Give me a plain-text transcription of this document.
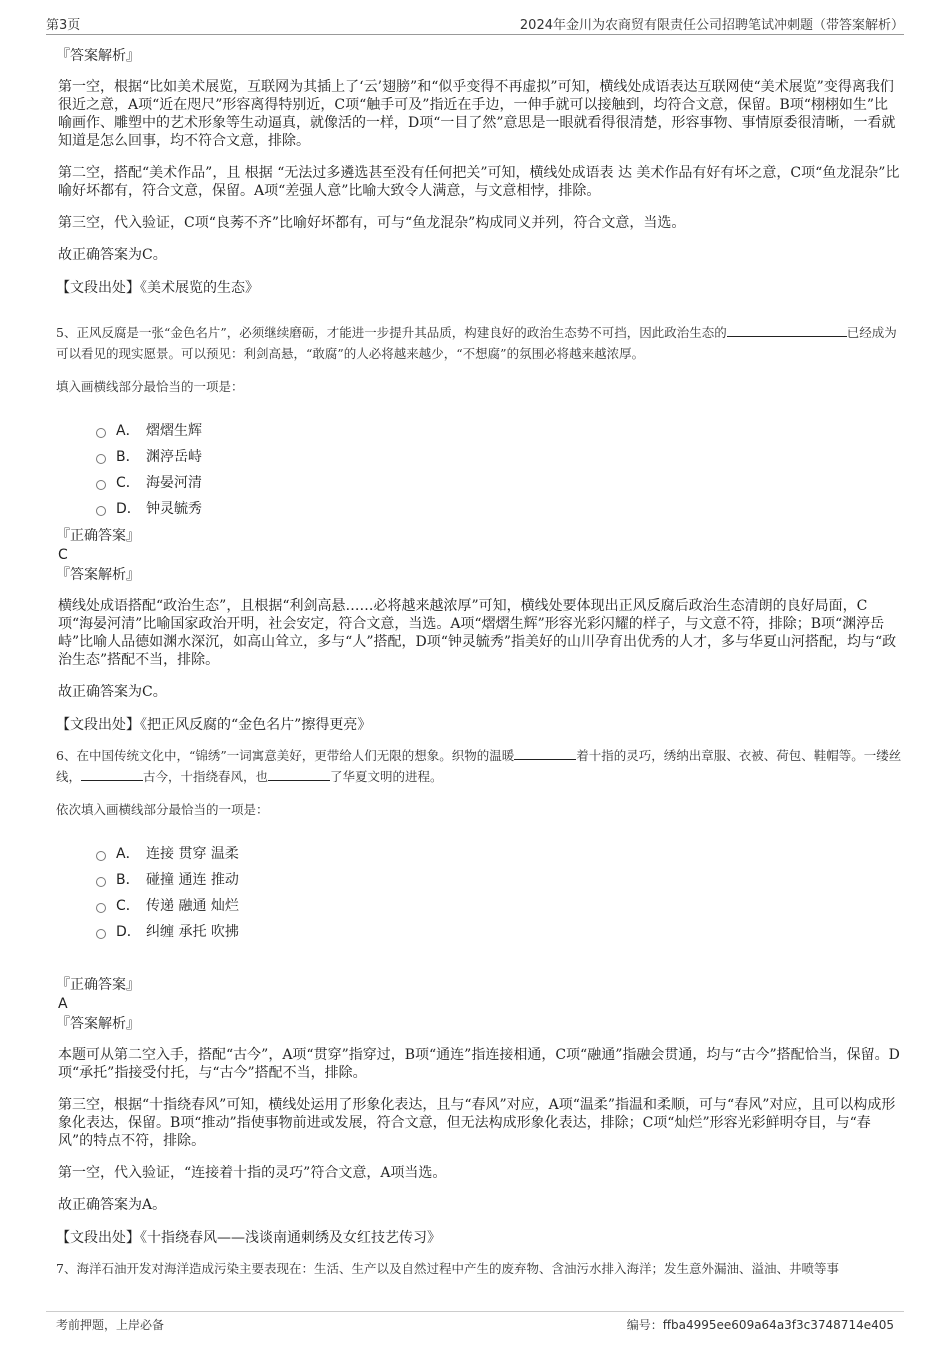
第3页	2024年金川为农商贸有限责任公司招聘笔试冲刺题（带答案解析）

『答案解析』

第一空，根据“比如美术展览，互联网为其插上了‘云’翅膀”和“似乎变得不再虚拟”可知，横线处成语表达互联网使“美术展览”变得离我们很近之意，A项“近在咫尺”形容离得特别近，C项“触手可及”指近在手边，一伸手就可以接触到，均符合文意，保留。B项“栩栩如生”比喻画作、雕塑中的艺术形象等生动逼真，就像活的一样，D项“一目了然”意思是一眼就看得很清楚，形容事物、事情原委很清晰，一看就知道是怎么回事，均不符合文意，排除。

第二空，搭配“美术作品”，且 根据 “无法过多遴选甚至没有任何把关”可知，横线处成语表 达 美术作品有好有坏之意，C项“鱼龙混杂”比喻好坏都有，符合文意，保留。A项“差强人意”比喻大致令人满意，与文意相悖，排除。

第三空，代入验证，C项“良莠不齐”比喻好坏都有，可与“鱼龙混杂”构成同义并列，符合文意，当选。

故正确答案为C。

【文段出处】《美术展览的生态》

5、正风反腐是一张“金色名片”，必须继续磨砺，才能进一步提升其品质，构建良好的政治生态势不可挡，因此政治生态的	已经成为可以看见的现实愿景。可以预见：利剑高悬，“敢腐”的人必将越来越少，“不想腐”的氛围必将越来越浓厚。

填入画横线部分最恰当的一项是：

A． 熠熠生辉
B． 渊渟岳峙
C． 海晏河清
D． 钟灵毓秀

『正确答案』

C

『答案解析』

横线处成语搭配“政治生态”，且根据“利剑高悬……必将越来越浓厚”可知，横线处要体现出正风反腐后政治生态清朗的良好局面，C项“海晏河清”比喻国家政治开明，社会安定，符合文意，当选。A项“熠熠生辉”形容光彩闪耀的样子，与文意不符，排除；B项“渊渟岳峙”比喻人品德如渊水深沉，如高山耸立，多与“人”搭配，D项“钟灵毓秀”指美好的山川孕育出优秀的人才，多与华夏山河搭配，均与“政治生态”搭配不当，排除。

故正确答案为C。

【文段出处】《把正风反腐的“金色名片”擦得更亮》

6、在中国传统文化中，“锦绣”一词寓意美好，更带给人们无限的想象。织物的温暖	着十指的灵巧，绣纳出章服、衣被、荷包、鞋帽等。一缕丝线，	古今，十指绕春风，也	了华夏文明的进程。

依次填入画横线部分最恰当的一项是：

A． 连接 贯穿 温柔
B． 碰撞 通连 推动
C． 传递 融通 灿烂
D． 纠缠 承托 吹拂

『正确答案』

A

『答案解析』

本题可从第二空入手，搭配“古今”，A项“贯穿”指穿过，B项“通连”指连接相通，C项“融通”指融会贯通，均与“古今”搭配恰当，保留。D项“承托”指接受付托，与“古今”搭配不当，排除。

第三空，根据“十指绕春风”可知，横线处运用了形象化表达，且与“春风”对应，A项“温柔”指温和柔顺，可与“春风”对应，且可以构成形象化表达，保留。B项“推动”指使事物前进或发展，符合文意，但无法构成形象化表达，排除；C项“灿烂”形容光彩鲜明夺目，与“春风”的特点不符，排除。

第一空，代入验证，“连接着十指的灵巧”符合文意，A项当选。

故正确答案为A。

【文段出处】《十指绕春风——浅谈南通刺绣及女红技艺传习》

7、海洋石油开发对海洋造成污染主要表现在：生活、生产以及自然过程中产生的废弃物、含油污水排入海洋；发生意外漏油、溢油、井喷等事

考前押题，上岸必备	编号：ffba4995ee609a64a3f3c3748714e405
